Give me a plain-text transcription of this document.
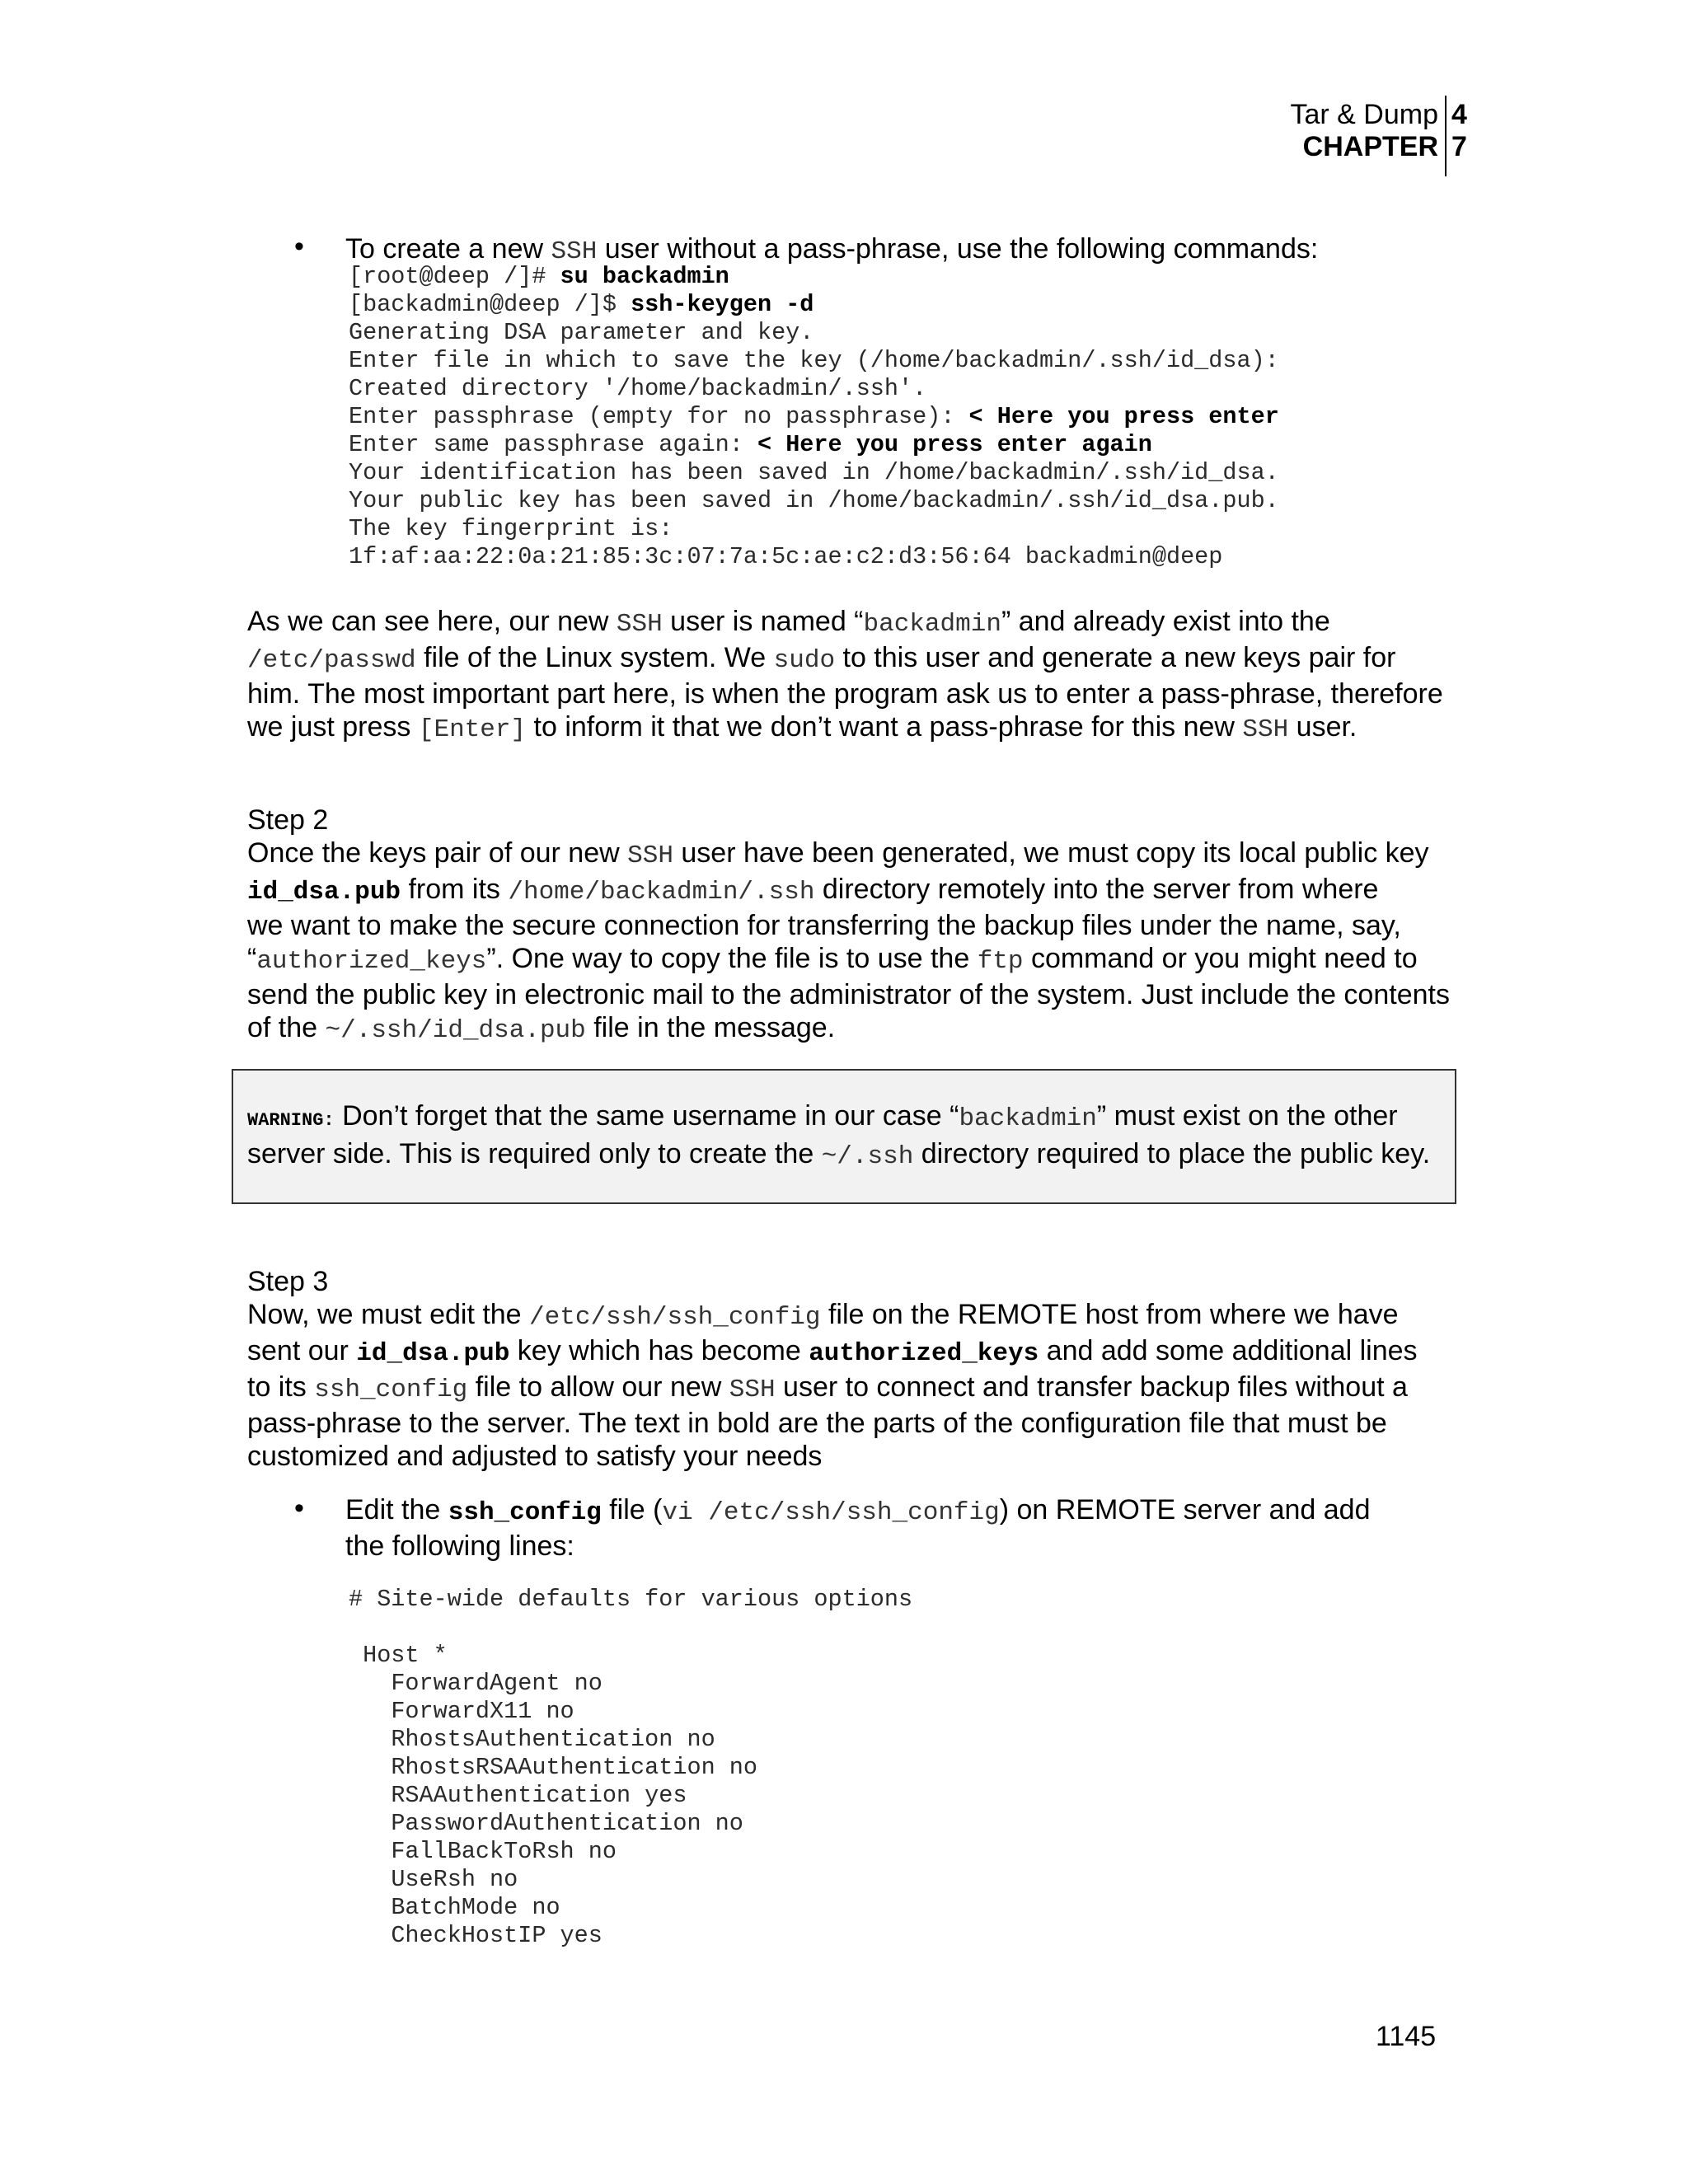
Tar & Dump 4
CHAPTER 7
• To create a new SSH user without a pass-phrase, use the following commands:
[root@deep /]# su backadmin
[backadmin@deep /]$ ssh-keygen -d
Generating DSA parameter and key.
Enter file in which to save the key (/home/backadmin/.ssh/id_dsa):
Created directory '/home/backadmin/.ssh'.
Enter passphrase (empty for no passphrase): < Here you press enter
Enter same passphrase again: < Here you press enter again
Your identification has been saved in /home/backadmin/.ssh/id_dsa.
Your public key has been saved in /home/backadmin/.ssh/id_dsa.pub.
The key fingerprint is:
1f:af:aa:22:0a:21:85:3c:07:7a:5c:ae:c2:d3:56:64 backadmin@deep
As we can see here, our new SSH user is named “backadmin” and already exist into the
/etc/passwd file of the Linux system. We sudo to this user and generate a new keys pair for
him. The most important part here, is when the program ask us to enter a pass-phrase, therefore
we just press [Enter] to inform it that we don’t want a pass-phrase for this new SSH user.
Step 2
Once the keys pair of our new SSH user have been generated, we must copy its local public key
id_dsa.pub from its /home/backadmin/.ssh directory remotely into the server from where
we want to make the secure connection for transferring the backup files under the name, say,
“authorized_keys”. One way to copy the file is to use the ftp command or you might need to
send the public key in electronic mail to the administrator of the system. Just include the contents
of the ~/.ssh/id_dsa.pub file in the message.
WARNING: Don’t forget that the same username in our case “backadmin” must exist on the other
server side. This is required only to create the ~/.ssh directory required to place the public key.
Step 3
Now, we must edit the /etc/ssh/ssh_config file on the REMOTE host from where we have
sent our id_dsa.pub key which has become authorized_keys and add some additional lines
to its ssh_config file to allow our new SSH user to connect and transfer backup files without a
pass-phrase to the server. The text in bold are the parts of the configuration file that must be
customized and adjusted to satisfy your needs
• Edit the ssh_config file (vi /etc/ssh/ssh_config) on REMOTE server and add
the following lines:
# Site-wide defaults for various options

Host *
ForwardAgent no
ForwardX11 no
RhostsAuthentication no
RhostsRSAAuthentication no
RSAAuthentication yes
PasswordAuthentication no
FallBackToRsh no
UseRsh no
BatchMode no
CheckHostIP yes
1145
